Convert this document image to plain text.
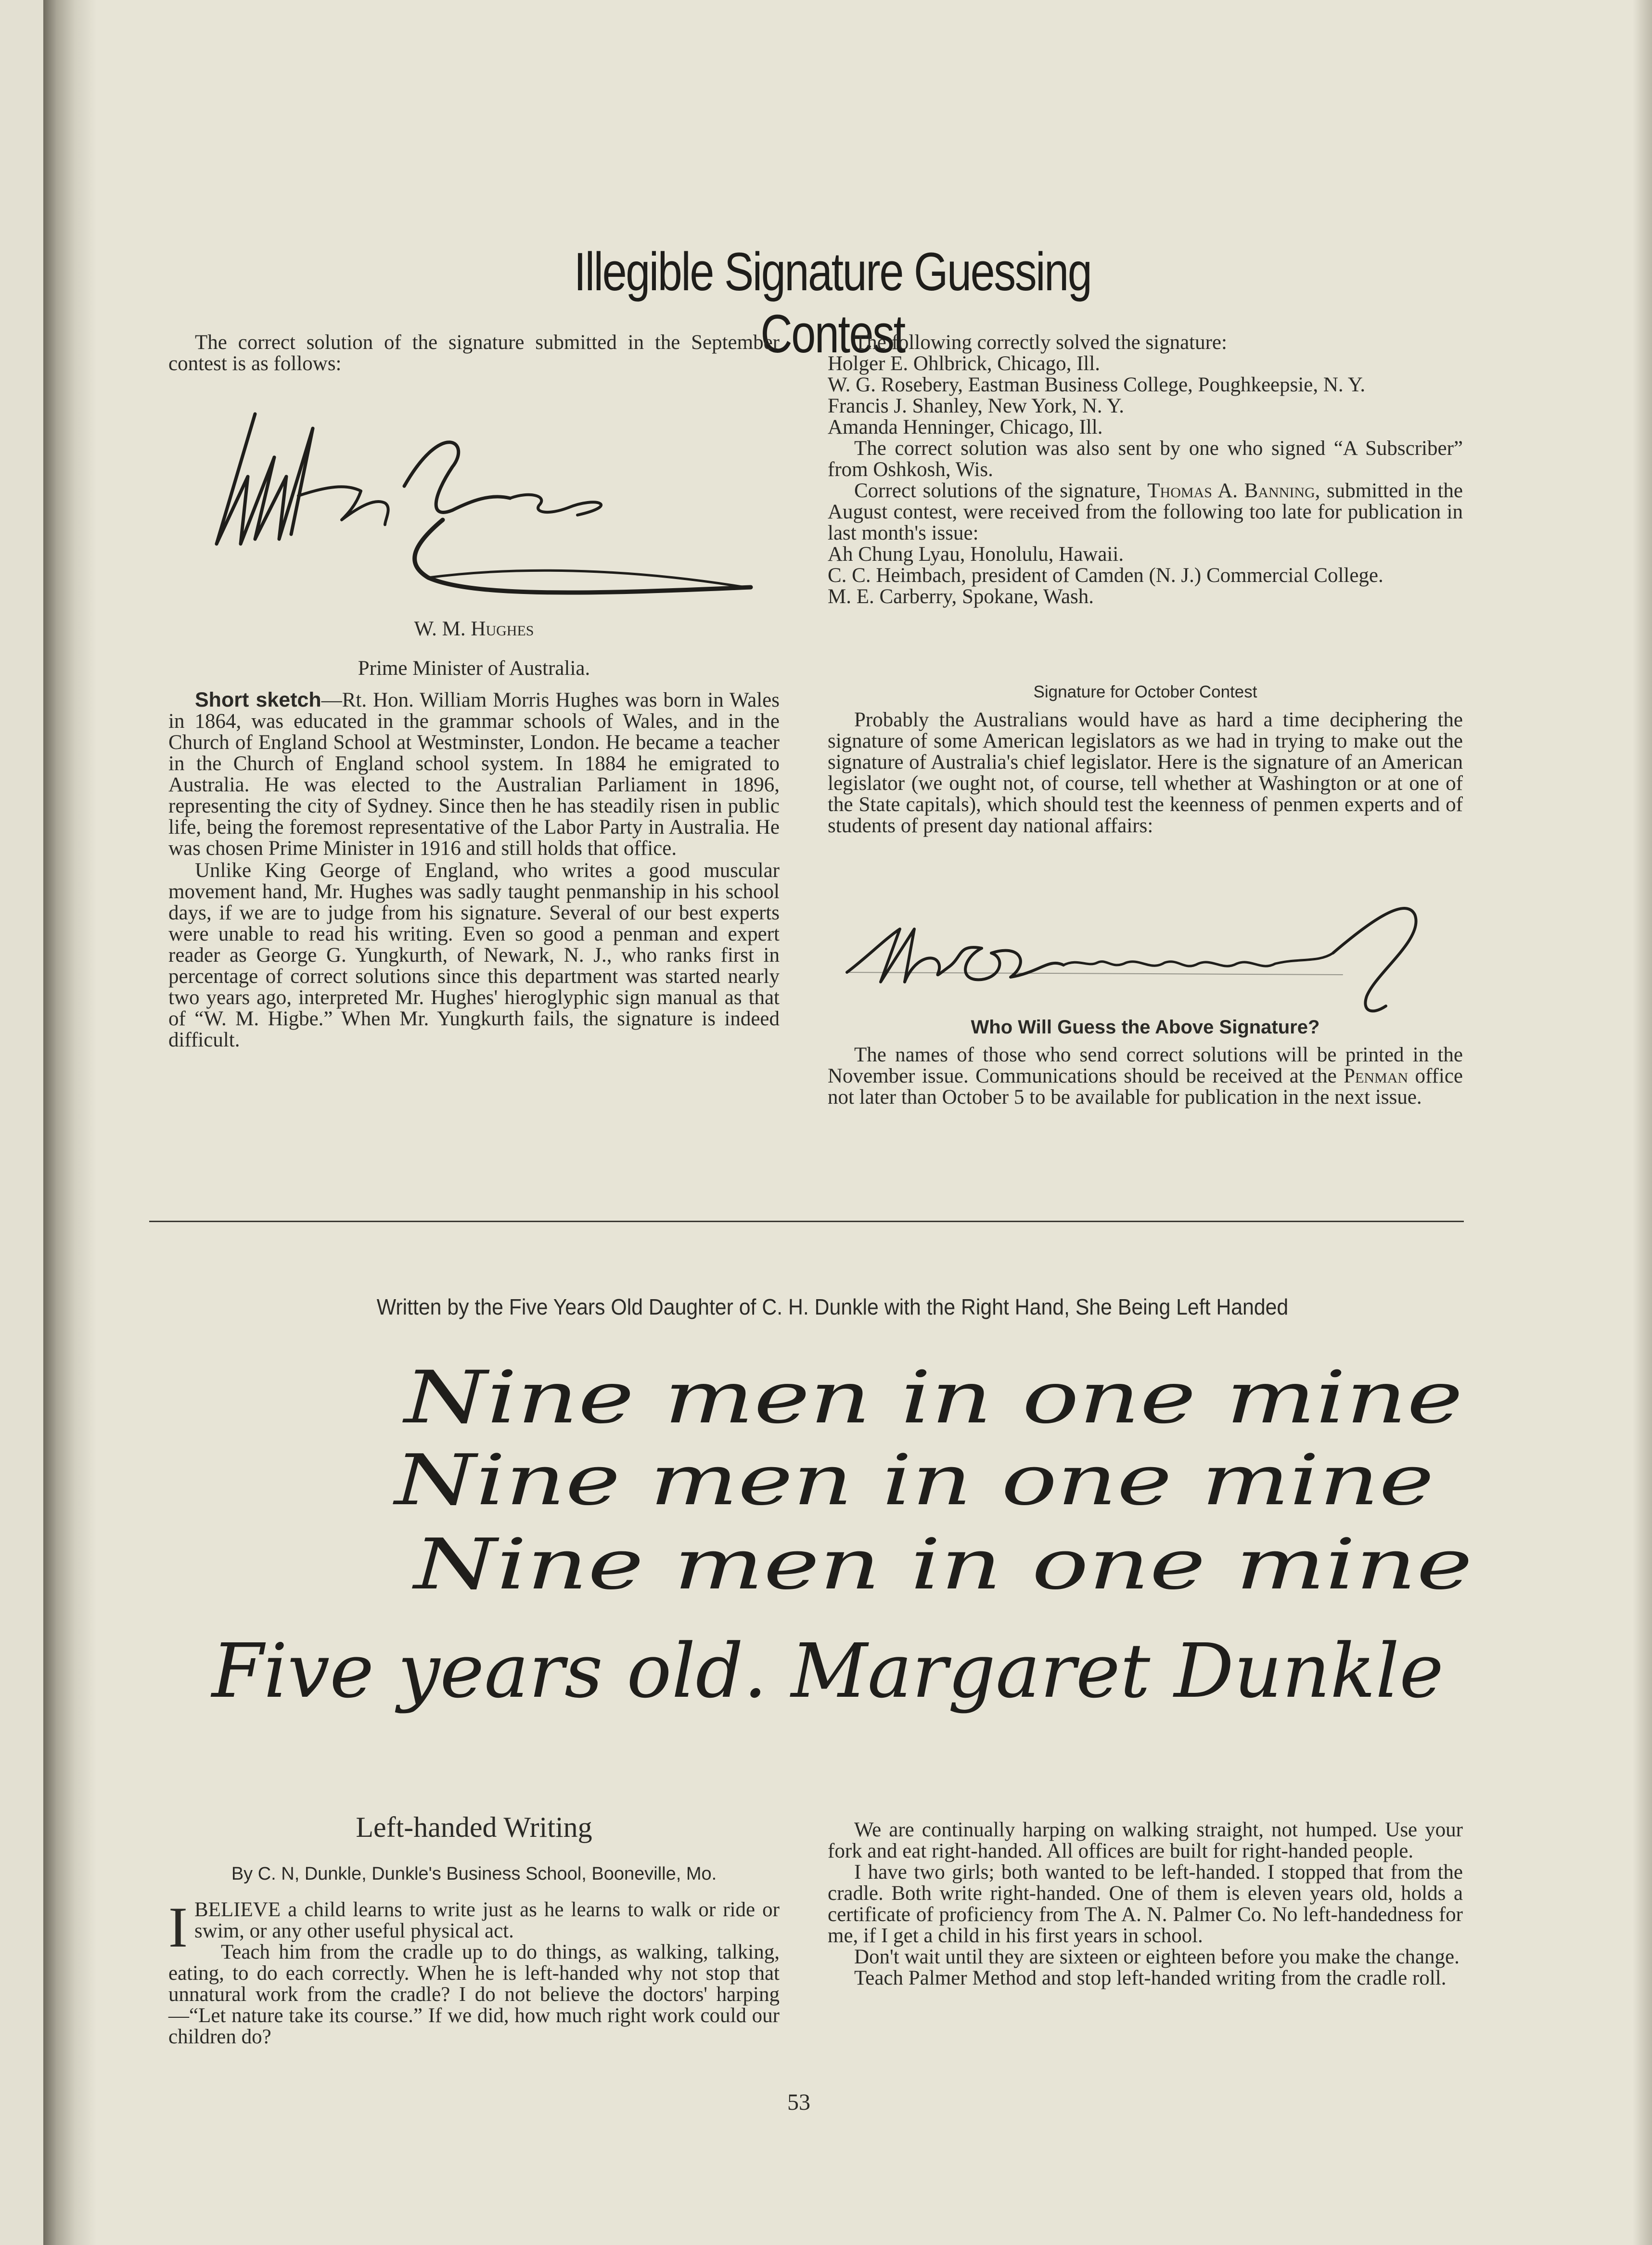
Illegible Signature Guessing Contest

The correct solution of the signature submitted in the September contest is as follows:

W. M. Hughes
Prime Minister of Australia.

Short sketch—Rt. Hon. William Morris Hughes was born in Wales in 1864, was educated in the grammar schools of Wales, and in the Church of England School at Westminster, London. He became a teacher in the Church of England school system. In 1884 he emigrated to Australia. He was elected to the Australian Parliament in 1896, representing the city of Sydney. Since then he has steadily risen in public life, being the foremost representative of the Labor Party in Australia. He was chosen Prime Minister in 1916 and still holds that office.

Unlike King George of England, who writes a good muscular movement hand, Mr. Hughes was sadly taught penmanship in his school days, if we are to judge from his signature. Several of our best experts were unable to read his writing. Even so good a penman and expert reader as George G. Yungkurth, of Newark, N. J., who ranks first in percentage of correct solutions since this department was started nearly two years ago, interpreted Mr. Hughes' hieroglyphic sign manual as that of “W. M. Higbe.” When Mr. Yungkurth fails, the signature is indeed difficult.

The following correctly solved the signature:

Holger E. Ohlbrick, Chicago, Ill.

W. G. Rosebery, Eastman Business College, Poughkeepsie, N. Y.

Francis J. Shanley, New York, N. Y.

Amanda Henninger, Chicago, Ill.

The correct solution was also sent by one who signed “A Subscriber” from Oshkosh, Wis.

Correct solutions of the signature, Thomas A. Banning, submitted in the August contest, were received from the following too late for publication in last month's issue:

Ah Chung Lyau, Honolulu, Hawaii.

C. C. Heimbach, president of Camden (N. J.) Commercial College.

M. E. Carberry, Spokane, Wash.

Signature for October Contest

Probably the Australians would have as hard a time deciphering the signature of some American legislators as we had in trying to make out the signature of Australia's chief legislator. Here is the signature of an American legislator (we ought not, of course, tell whether at Washington or at one of the State capitals), which should test the keenness of penmen experts and of students of present day national affairs:

Who Will Guess the Above Signature?

The names of those who send correct solutions will be printed in the November issue. Communications should be received at the Penman office not later than October 5 to be available for publication in the next issue.

Written by the Five Years Old Daughter of C. H. Dunkle with the Right Hand, She Being Left Handed
Nine men in one mine
Nine men in one mine
Nine men in one mine
Five years old. Margaret Dunkle
Left-handed Writing
By C. N, Dunkle, Dunkle's Business School, Booneville, Mo.

IBELIEVE a child learns to write just as he learns to walk or ride or swim, or any other useful physical act.

Teach him from the cradle up to do things, as walking, talking, eating, to do each correctly. When he is left-handed why not stop that unnatural work from the cradle? I do not believe the doctors' harping—“Let nature take its course.” If we did, how much right work could our children do?

We are continually harping on walking straight, not humped. Use your fork and eat right-handed. All offices are built for right-handed people.

I have two girls; both wanted to be left-handed. I stopped that from the cradle. Both write right-handed. One of them is eleven years old, holds a certificate of proficiency from The A. N. Palmer Co. No left-handedness for me, if I get a child in his first years in school.

Don't wait until they are sixteen or eighteen before you make the change.

Teach Palmer Method and stop left-handed writing from the cradle roll.

53
